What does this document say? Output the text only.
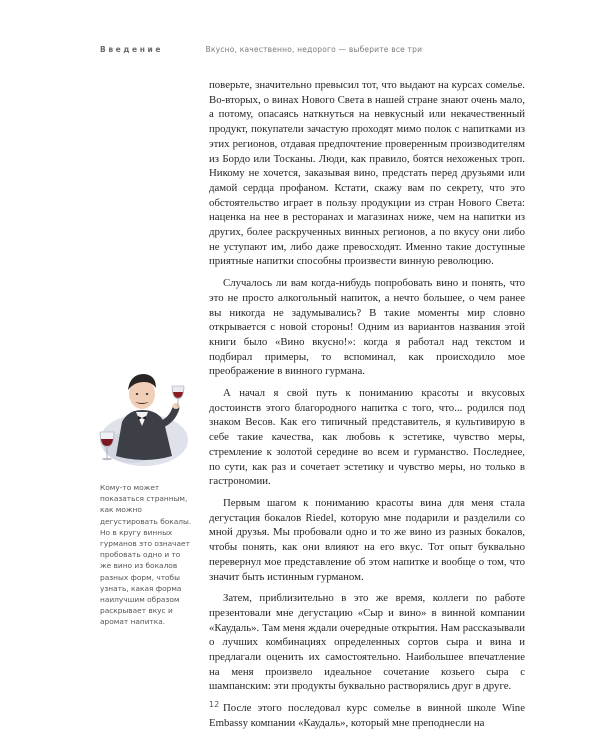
Введение	Вкусно, качественно, недорого — выберите все три

поверьте, значительно превысил тот, что выдают на курсах сомелье. Во-вторых, о винах Нового Света в нашей стране знают очень мало, а потому, опасаясь наткнуться на невкусный или некачественный продукт, покупатели зачастую проходят мимо полок с напитками из этих регионов, отдавая предпочтение проверенным производителям из Бордо или Тосканы. Люди, как правило, боятся нехоженых троп. Никому не хочется, заказывая вино, предстать перед друзьями или дамой сердца профаном. Кстати, скажу вам по секрету, что это обстоятельство играет в пользу продукции из стран Нового Света: наценка на нее в ресторанах и магазинах ниже, чем на напитки из других, более раскрученных винных регионов, а по вкусу они либо не уступают им, либо даже превосходят. Именно такие доступные приятные напитки способны произвести винную революцию.

Случалось ли вам когда-нибудь попробовать вино и понять, что это не просто алкогольный напиток, а нечто большее, о чем ранее вы никогда не задумывались? В такие моменты мир словно открывается с новой стороны! Одним из вариантов названия этой книги было «Вино вкусно!»: когда я работал над текстом и подбирал примеры, то вспоминал, как происходило мое преображение в винного гурмана.

А начал я свой путь к пониманию красоты и вкусовых достоинств этого благородного напитка с того, что... родился под знаком Весов. Как его типичный представитель, я культивирую в себе такие качества, как любовь к эстетике, чувство меры, стремление к золотой середине во всем и гурманство. Последнее, по сути, как раз и сочетает эстетику и чувство меры, но только в гастрономии.

Первым шагом к пониманию красоты вина для меня стала дегустация бокалов Riedel, которую мне подарили и разделили со мной друзья. Мы пробовали одно и то же вино из разных бокалов, чтобы понять, как они влияют на его вкус. Тот опыт буквально перевернул мое представление об этом напитке и вообще о том, что значит быть истинным гурманом.

Затем, приблизительно в это же время, коллеги по работе презентовали мне дегустацию «Сыр и вино» в винной компании «Каудаль». Там меня ждали очередные открытия. Нам рассказывали о лучших комбинациях определенных сортов сыра и вина и предлагали оценить их самостоятельно. Наибольшее впечатление на меня произвело идеальное сочетание козьего сыра с шампанским: эти продукты буквально растворялись друг в друге.

После этого последовал курс сомелье в винной школе Wine Embassy компании «Каудаль», который мне преподнесли на

Кому-то может показаться странным, как можно дегустировать бокалы. Но в кругу винных гурманов это означает пробовать одно и то же вино из бокалов разных форм, чтобы узнать, какая форма наилучшим образом раскрывает вкус и аромат напитка.
12
